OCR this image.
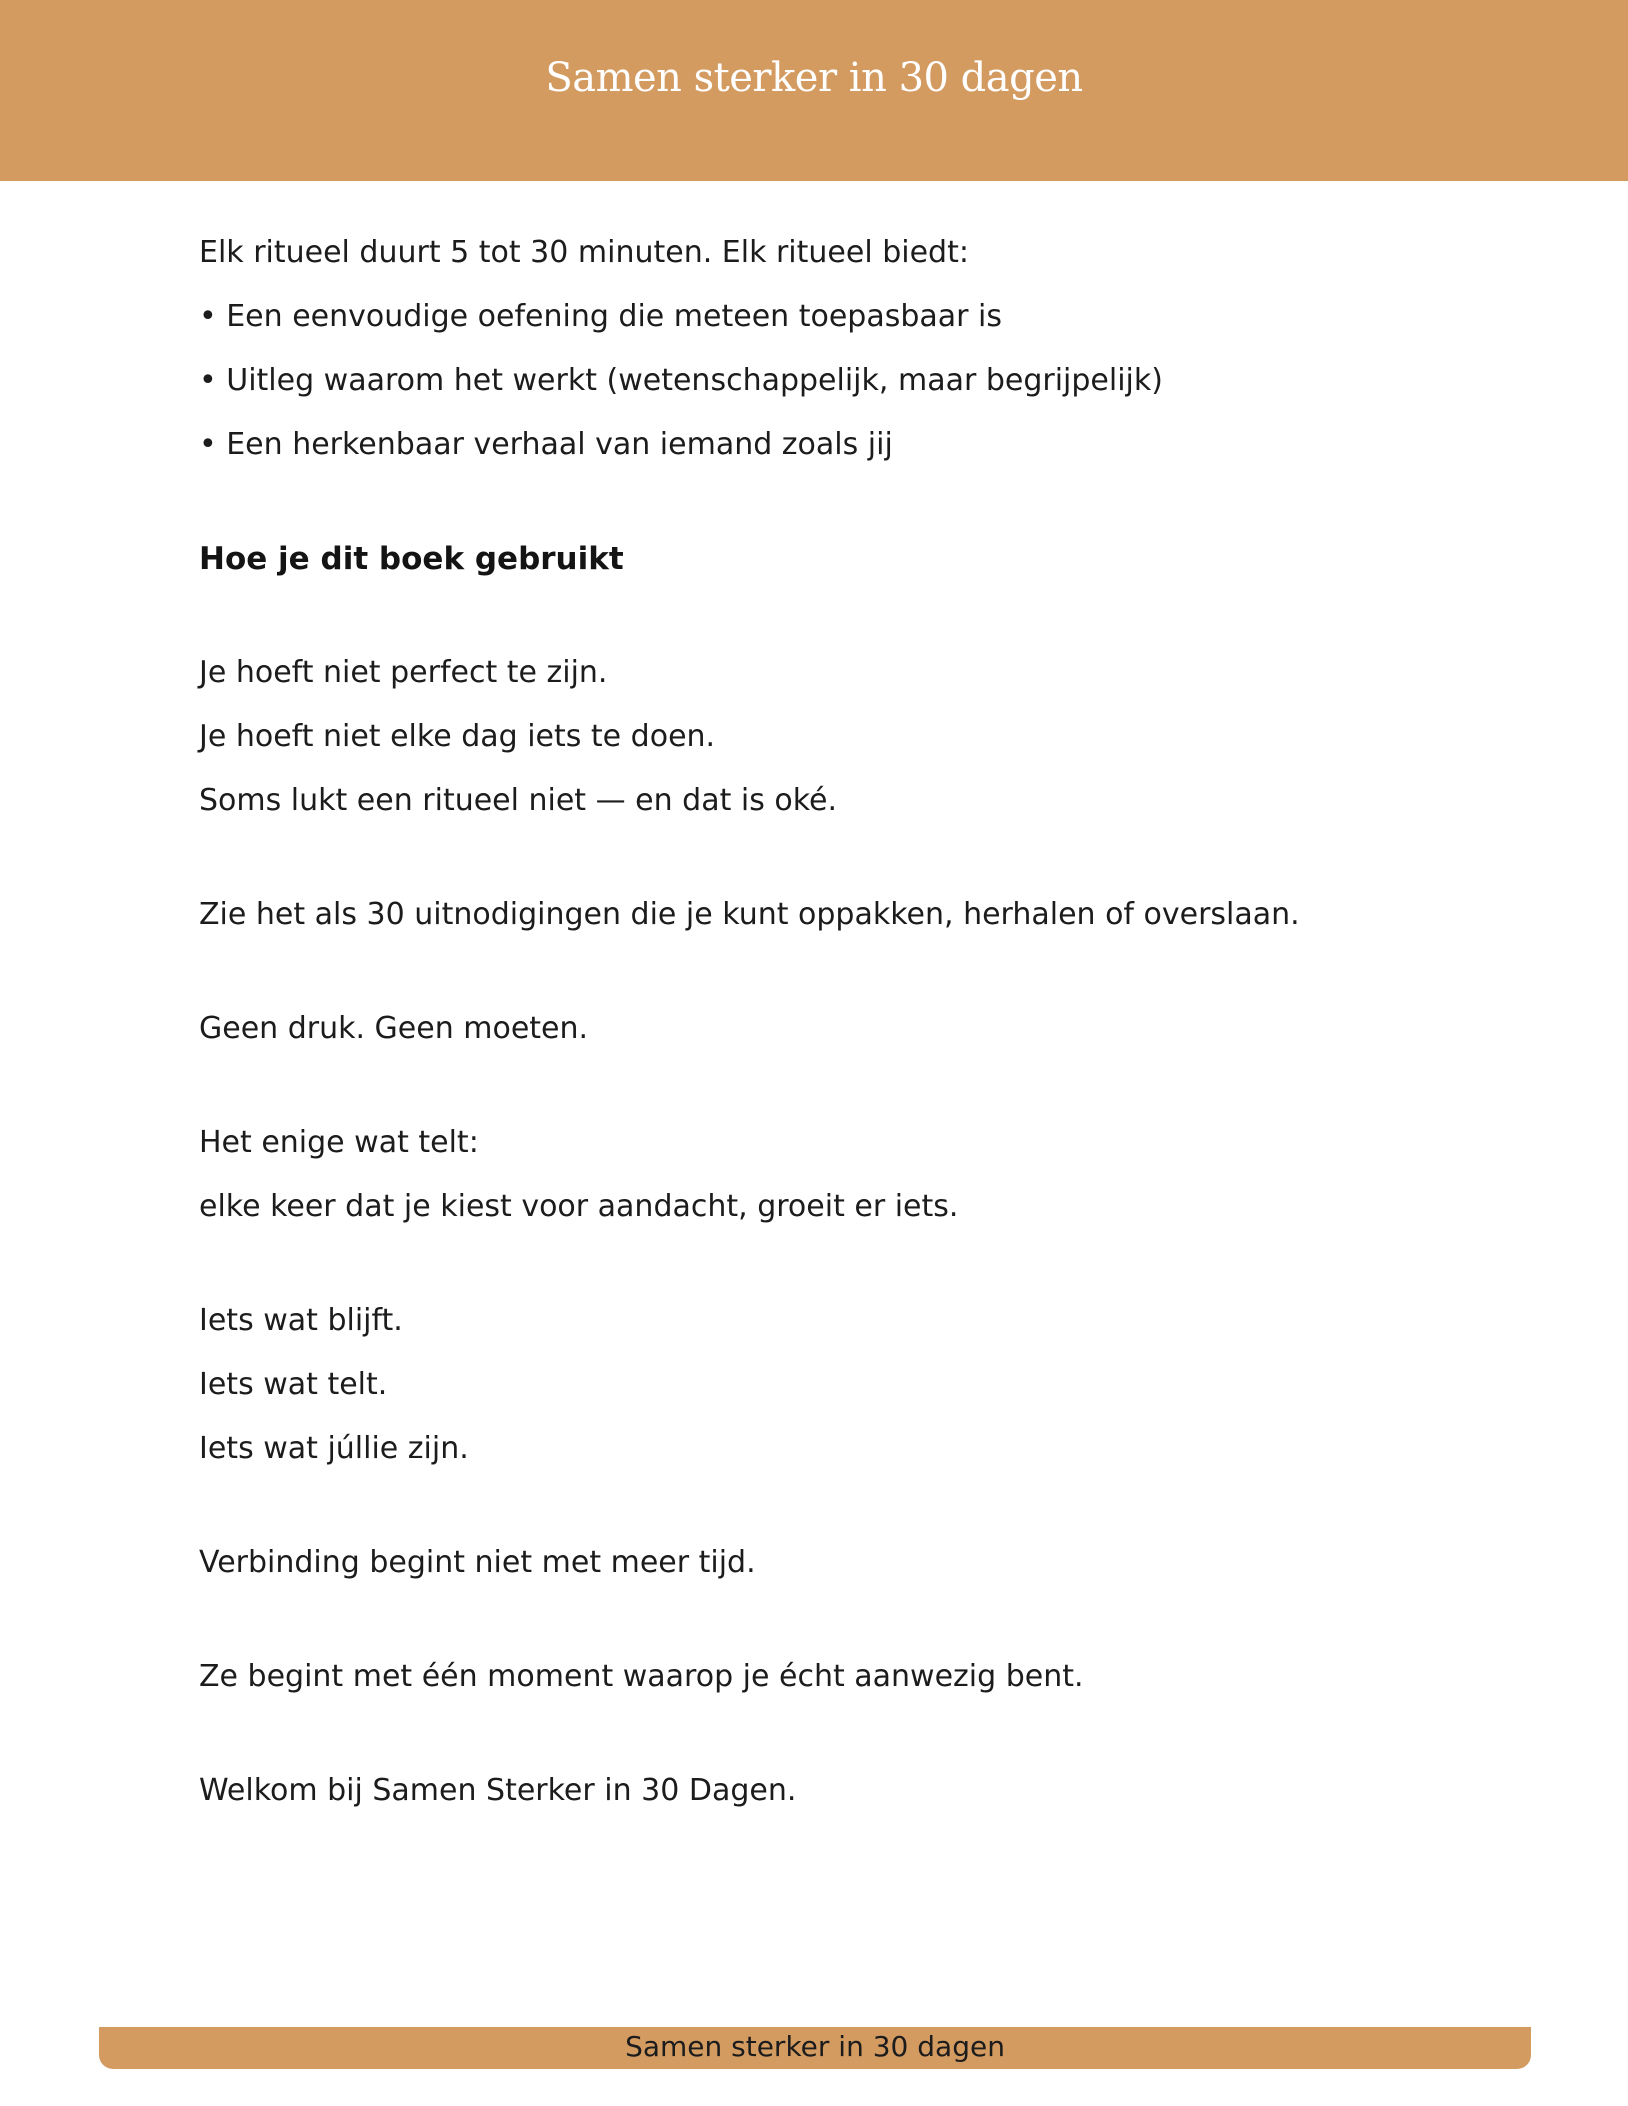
Samen sterker in 30 dagen
Elk ritueel duurt 5 tot 30 minuten. Elk ritueel biedt:
• Een eenvoudige oefening die meteen toepasbaar is
• Uitleg waarom het werkt (wetenschappelijk, maar begrijpelijk)
• Een herkenbaar verhaal van iemand zoals jij
Hoe je dit boek gebruikt
Je hoeft niet perfect te zijn.
Je hoeft niet elke dag iets te doen.
Soms lukt een ritueel niet — en dat is oké.
Zie het als 30 uitnodigingen die je kunt oppakken, herhalen of overslaan.
Geen druk. Geen moeten.
Het enige wat telt:
elke keer dat je kiest voor aandacht, groeit er iets.
Iets wat blijft.
Iets wat telt.
Iets wat júllie zijn.
Verbinding begint niet met meer tijd.
Ze begint met één moment waarop je écht aanwezig bent.
Welkom bij Samen Sterker in 30 Dagen.
Samen sterker in 30 dagen
